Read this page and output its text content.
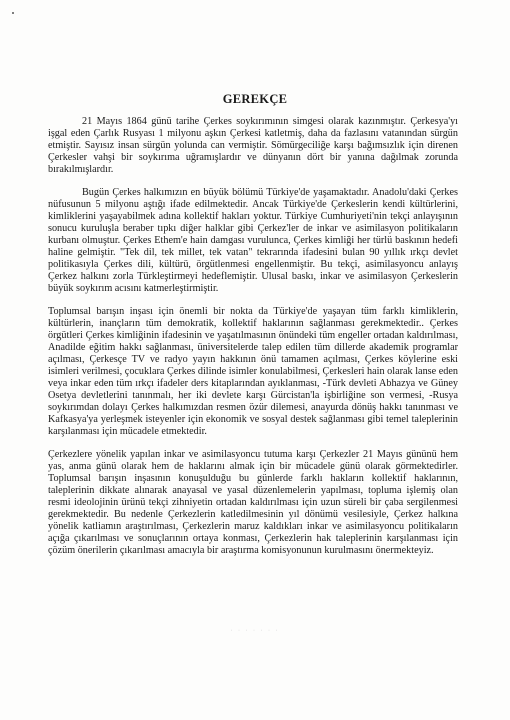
GEREKÇE

21 Mayıs 1864 günü tarihe Çerkes soykırımının simgesi olarak kazınmıştır. Çerkesya'yı işgal eden Çarlık Rusyası 1 milyonu aşkın Çerkesi katletmiş, daha da fazlasını vatanından sürgün etmiştir. Sayısız insan sürgün yolunda can vermiştir. Sömürgeciliğe karşı bağımsızlık için direnen Çerkesler vahşi bir soykırıma uğramışlardır ve dünyanın dört bir yanına dağılmak zorunda bırakılmışlardır.

Bugün Çerkes halkımızın en büyük bölümü Türkiye'de yaşamaktadır. Anadolu'daki Çerkes nüfusunun 5 milyonu aştığı ifade edilmektedir. Ancak Türkiye'de Çerkeslerin kendi kültürlerini, kimliklerini yaşayabilmek adına kollektif hakları yoktur. Türkiye Cumhuriyeti'nin tekçi anlayışının sonucu kuruluşla beraber tıpkı diğer halklar gibi Çerkez'ler de inkar ve asimilasyon politikaların kurbanı olmuştur. Çerkes Ethem'e hain damgası vurulunca, Çerkes kimliği her türlü baskının hedefi haline gelmiştir. "Tek dil, tek millet, tek vatan" tekrarında ifadesini bulan 90 yıllık ırkçı devlet politikasıyla Çerkes dili, kültürü, örgütlenmesi engellenmiştir. Bu tekçi, asimilasyoncu anlayış Çerkez halkını zorla Türkleştirmeyi hedeflemiştir. Ulusal baskı, inkar ve asimilasyon Çerkeslerin büyük soykırım acısını katmerleştirmiştir.

Toplumsal barışın inşası için önemli bir nokta da Türkiye'de yaşayan tüm farklı kimliklerin, kültürlerin, inançların tüm demokratik, kollektif haklarının sağlanması gerekmektedir.. Çerkes örgütleri Çerkes kimliğinin ifadesinin ve yaşatılmasının önündeki tüm engeller ortadan kaldırılması, Anadilde eğitim hakkı sağlanması, üniversitelerde talep edilen tüm dillerde akademik programlar açılması, Çerkesçe TV ve radyo yayın hakkının önü tamamen açılması, Çerkes köylerine eski isimleri verilmesi, çocuklara Çerkes dilinde isimler konulabilmesi, Çerkesleri hain olarak lanse eden veya inkar eden tüm ırkçı ifadeler ders kitaplarından ayıklanması, -Türk devleti Abhazya ve Güney Osetya devletlerini tanınmalı, her iki devlete karşı Gürcistan'la işbirliğine son vermesi, -Rusya soykırımdan dolayı Çerkes halkımızdan resmen özür dilemesi, anayurda dönüş hakkı tanınması ve Kafkasya'ya yerleşmek isteyenler için ekonomik ve sosyal destek sağlanması gibi temel taleplerinin karşılanması için mücadele etmektedir.

Çerkezlere yönelik yapılan inkar ve asimilasyoncu tutuma karşı Çerkezler 21 Mayıs gününü hem yas, anma günü olarak hem de haklarını almak için bir mücadele günü olarak görmektedirler. Toplumsal barışın inşasının konuşulduğu bu günlerde farklı hakların kollektif haklarının, taleplerinin dikkate alınarak anayasal ve yasal düzenlemelerin yapılması, topluma işlemiş olan resmi ideolojinin ürünü tekçi zihniyetin ortadan kaldırılması için uzun süreli bir çaba sergilenmesi gerekmektedir. Bu nedenle Çerkezlerin katledilmesinin yıl dönümü vesilesiyle, Çerkez halkına yönelik katliamın araştırılması, Çerkezlerin maruz kaldıkları inkar ve asimilasyoncu politikaların açığa çıkarılması ve sonuçlarının ortaya konması, Çerkezlerin hak taleplerinin karşılanması için çözüm önerilerin çıkarılması amacıyla bir araştırma komisyonunun kurulmasını önermekteyiz.

· · · · · · ·
